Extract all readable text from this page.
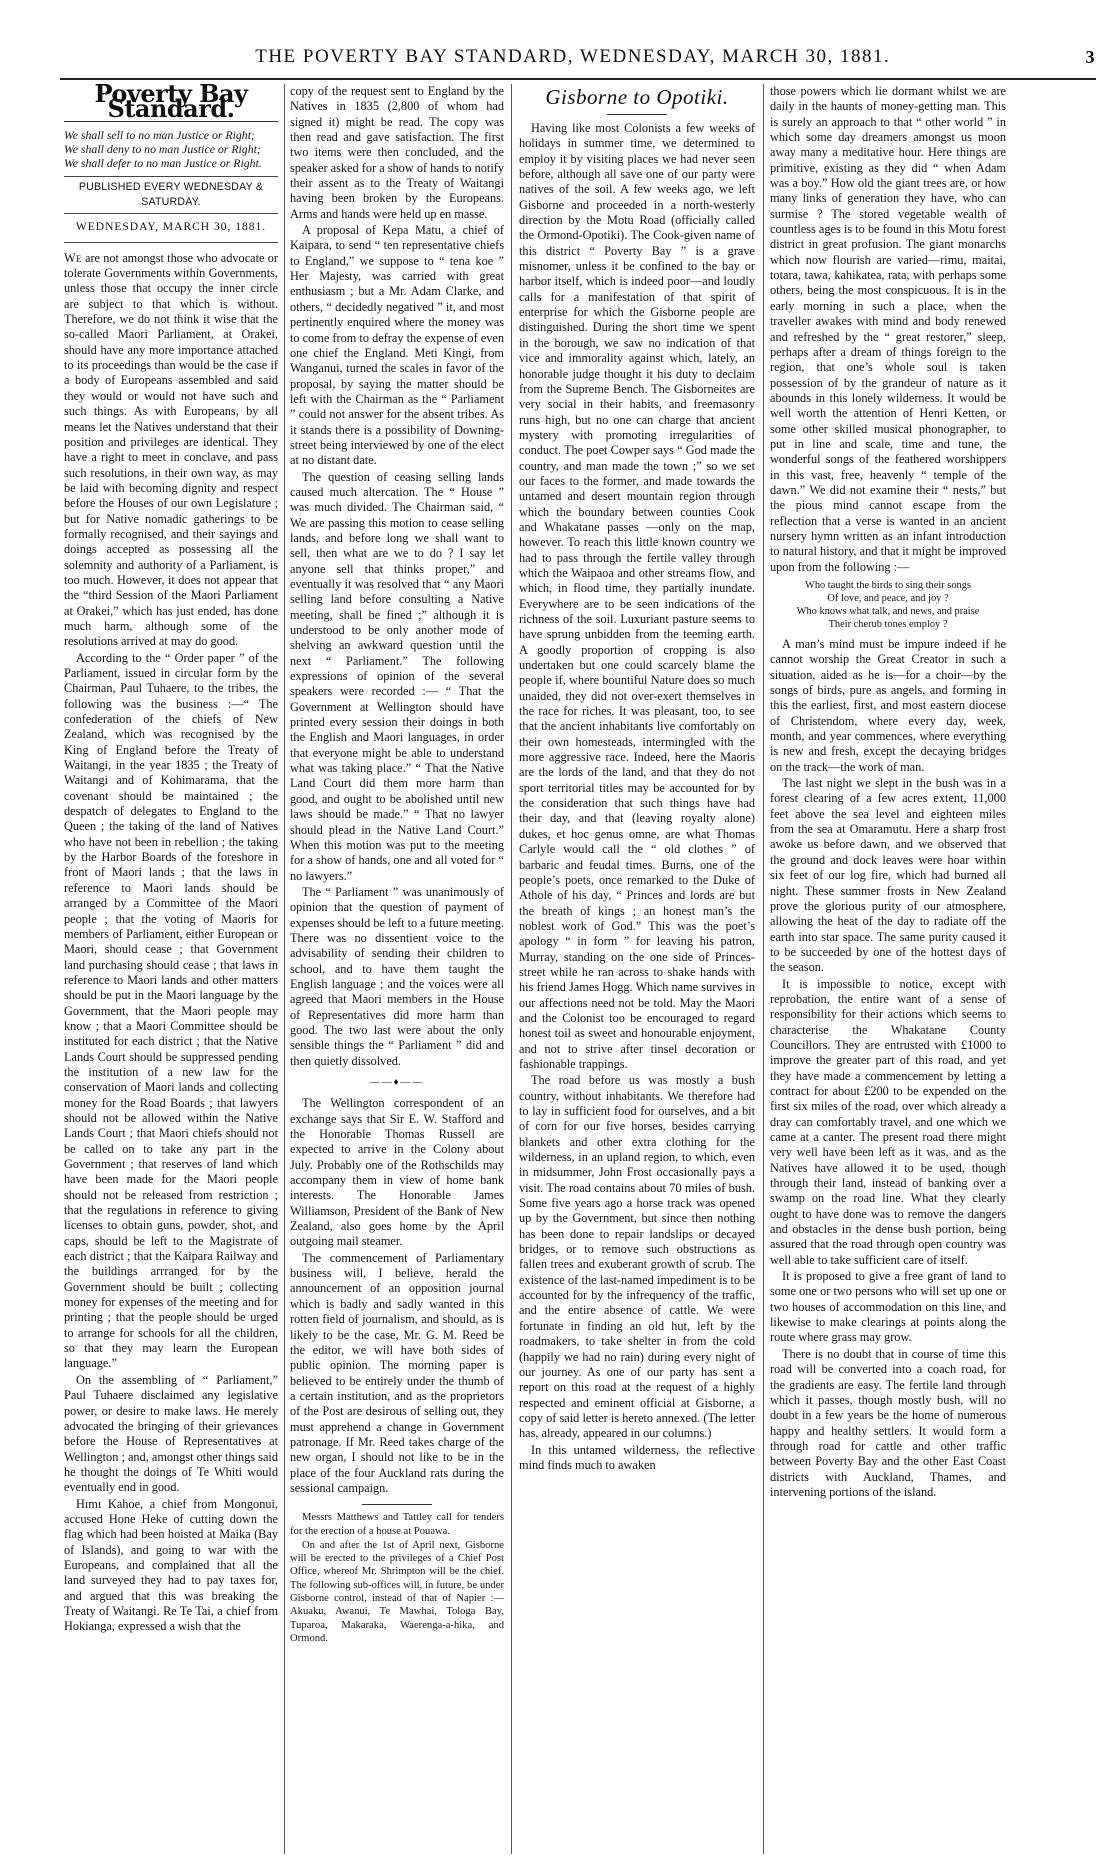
THE POVERTY BAY STANDARD, WEDNESDAY, MARCH 30, 1881.	3
Poverty Bay Standard.
We shall sell to no man Justice or Right;
We shall deny to no man Justice or Right;
We shall defer to no man Justice or Right.
PUBLISHED EVERY WEDNESDAY & SATURDAY.
WEDNESDAY, MARCH 30, 1881.

We are not amongst those who advocate or tolerate Governments within Governments, unless those that occupy the inner circle are subject to that which is without. Therefore, we do not think it wise that the so-called Maori Parliament, at Orakei, should have any more importance attached to its proceedings than would be the case if a body of Europeans assembled and said they would or would not have such and such things. As with Europeans, by all means let the Natives understand that their position and privileges are identical. They have a right to meet in conclave, and pass such resolutions, in their own way, as may be laid with becoming dignity and respect before the Houses of our own Legislature ; but for Native nomadic gatherings to be formally recognised, and their sayings and doings accepted as possessing all the solemnity and authority of a Parliament, is too much. However, it does not appear that the “third Session of the Maori Parliament at Orakei,” which has just ended, has done much harm, although some of the resolutions arrived at may do good.

According to the “ Order paper ” of the Parliament, issued in circular form by the Chairman, Paul Tuhaere, to the tribes, the following was the business :—“ The confederation of the chiefs of New Zealand, which was recognised by the King of England before the Treaty of Waitangi, in the year 1835 ; the Treaty of Waitangi and of Kohimarama, that the covenant should be maintained ; the despatch of delegates to England to the Queen ; the taking of the land of Natives who have not been in rebellion ; the taking by the Harbor Boards of the foreshore in front of Maori lands ; that the laws in reference to Maori lands should be arranged by a Committee of the Maori people ; that the voting of Maoris for members of Parliament, either European or Maori, should cease ; that Government land purchasing should cease ; that laws in reference to Maori lands and other matters should be put in the Maori language by the Government, that the Maori people may know ; that a Maori Committee should be instituted for each district ; that the Native Lands Court should be suppressed pending the institution of a new law for the conservation of Maori lands and collecting money for the Road Boards ; that lawyers should not be allowed within the Native Lands Court ; that Maori chiefs should not be called on to take any part in the Government ; that reserves of land which have been made for the Maori people should not be released from restriction ; that the regulations in reference to giving licenses to obtain guns, powder, shot, and caps, should be left to the Magistrate of each district ; that the Kaipara Railway and the buildings arrranged for by the Government should be built ; collecting money for expenses of the meeting and for printing ; that the people should be urged to arrange for schools for all the children, so that they may learn the European language.”

On the assembling of “ Parliament,” Paul Tuhaere disclaimed any legislative power, or desire to make laws. He merely advocated the bringing of their grievances before the House of Representatives at Wellington ; and, amongst other things said he thought the doings of Te Whiti would eventually end in good.

Hımı Kahoe, a chief from Mongonui, accused Hone Heke of cutting down the flag which had been hoisted at Maika (Bay of Islands), and going to war with the Europeans, and complained that all the land surveyed they had to pay taxes for, and argued that this was breaking the Treaty of Waitangi. Re Te Tai, a chief from Hokianga, expressed a wish that the

copy of the request sent to England by the Natives in 1835 (2,800 of whom had signed it) might be read. The copy was then read and gave satisfaction. The first two items were then concluded, and the speaker asked for a show of hands to notify their assent as to the Treaty of Waitangi having been broken by the Europeans. Arms and hands were held up en masse.

A proposal of Kepa Matu, a chief of Kaipara, to send “ ten representative chiefs to England,” we suppose to “ tena koe ” Her Majesty, was carried with great enthusiasm ; but a Mr. Adam Clarke, and others, “ decidedly negatived ” it, and most pertinently enquired where the money was to come from to defray the expense of even one chief the England. Meti Kingi, from Wanganui, turned the scales in favor of the proposal, by saying the matter should be left with the Chairman as the “ Parliament ” could not answer for the absent tribes. As it stands there is a possibility of Downing-street being interviewed by one of the elect at no distant date.

The question of ceasing selling lands caused much altercation. The “ House ” was much divided. The Chairman said, “ We are passing this motion to cease selling lands, and before long we shall want to sell, then what are we to do ? I say let anyone sell that thinks proper,” and eventually it was resolved that “ any Maori selling land before consulting a Native meeting, shall be fined ;” although it is understood to be only another mode of shelving an awkward question until the next “ Parliament.” The following expressions of opinion of the several speakers were recorded :— “ That the Government at Wellington should have printed every session their doings in both the English and Maori languages, in order that everyone might be able to understand what was taking place.” “ That the Native Land Court did them more harm than good, and ought to be abolished until new laws should be made.” “ That no lawyer should plead in the Native Land Court.” When this motion was put to the meeting for a show of hands, one and all voted for “ no lawyers.”

The “ Parliament ” was unanimously of opinion that the question of payment of expenses should be left to a future meeting. There was no dissentient voice to the advisability of sending their children to school, and to have them taught the English language ; and the voices were all agreed that Maori members in the House of Representatives did more harm than good. The two last were about the only sensible things the “ Parliament ” did and then quietly dissolved.

——♦——

The Wellington correspondent of an exchange says that Sir E. W. Stafford and the Honorable Thomas Russell are expected to arrive in the Colony about July. Probably one of the Rothschilds may accompany them in view of home bank interests. The Honorable James Williamson, President of the Bank of New Zealand, also goes home by the April outgoing mail steamer.

The commencement of Parliamentary business will, I believe, herald the announcement of an opposition journal which is badly and sadly wanted in this rotten field of journalism, and should, as is likely to be the case, Mr. G. M. Reed be the editor, we will have both sides of public opinion. The morning paper is believed to be entirely under the thumb of a certain institution, and as the proprietors of the Post are desirous of selling out, they must apprehend a change in Government patronage. If Mr. Reed takes charge of the new organ, I should not like to be in the place of the four Auckland rats during the sessional campaign.

Messrs Matthews and Tattley call for tenders for the erection of a house at Pouawa.

On and after the 1st of April next, Gisborne will be erected to the privileges of a Chief Post Office, whereof Mr. Shrimpton will be the chief. The following sub-offices will, in future, be under Gisborne control, instead of that of Napier :—Akuaku, Awanui, Te Mawhai, Tologa Bay, Tuparoa, Makaraka, Waerenga-a-hika, and Ormond.

Gisborne to Opotiki.

Having like most Colonists a few weeks of holidays in summer time, we determined to employ it by visiting places we had never seen before, although all save one of our party were natives of the soil. A few weeks ago, we left Gisborne and proceeded in a north-westerly direction by the Motu Road (officially called the Ormond-Opotiki). The Cook-given name of this district “ Poverty Bay ” is a grave misnomer, unless it be confined to the bay or harbor itself, which is indeed poor—and loudly calls for a manifestation of that spirit of enterprise for which the Gisborne people are distinguished. During the short time we spent in the borough, we saw no indication of that vice and immorality against which, lately, an honorable judge thought it his duty to declaim from the Supreme Bench. The Gisborneites are very social in their habits, and freemasonry runs high, but no one can charge that ancient mystery with promoting irregularities of conduct. The poet Cowper says “ God made the country, and man made the town ;” so we set our faces to the former, and made towards the untamed and desert mountain region through which the boundary between counties Cook and Whakatane passes —only on the map, however. To reach this little known country we had to pass through the fertile valley through which the Waipaoa and other streams flow, and which, in flood time, they partially inundate. Everywhere are to be seen indications of the richness of the soil. Luxuriant pasture seems to have sprung unbidden from the teeming earth. A goodly proportion of cropping is also undertaken but one could scarcely blame the people if, where bountiful Nature does so much unaided, they did not over-exert themselves in the race for riches. It was pleasant, too, to see that the ancient inhabitants live comfortably on their own homesteads, intermingled with the more aggressive race. Indeed, here the Maoris are the lords of the land, and that they do not sport territorial titles may be accounted for by the consideration that such things have had their day, and that (leaving royalty alone) dukes, et hoc genus omne, are what Thomas Carlyle would call the “ old clothes ” of barbaric and feudal times. Burns, one of the people’s poets, once remarked to the Duke of Athole of his day, “ Princes and lords are but the breath of kings ; an honest man’s the noblest work of God.” This was the poet’s apology “ in form ” for leaving his patron, Murray, standing on the one side of Princes-street while he ran across to shake hands with his friend James Hogg. Which name survives in our affections need not be told. May the Maori and the Colonist too be encouraged to regard honest toil as sweet and honourable enjoyment, and not to strive after tinsel decoration or fashionable trappings.

The road before us was mostly a bush country, without inhabitants. We therefore had to lay in sufficient food for ourselves, and a bit of corn for our five horses, besides carrying blankets and other extra clothing for the wilderness, in an upland region, to which, even in midsummer, John Frost occasionally pays a visit. The road contains about 70 miles of bush. Some five years ago a horse track was opened up by the Government, but since then nothing has been done to repair landslips or decayed bridges, or to remove such obstructions as fallen trees and exuberant growth of scrub. The existence of the last-named impediment is to be accounted for by the infrequency of the traffic, and the entire absence of cattle. We were fortunate in finding an old hut, left by the roadmakers, to take shelter in from the cold (happily we had no rain) during every night of our journey. As one of our party has sent a report on this road at the request of a highly respected and eminent official at Gisborne, a copy of said letter is hereto annexed. (The letter has, already, appeared in our columns.)

In this untamed wilderness, the reflective mind finds much to awaken

those powers which lie dormant whilst we are daily in the haunts of money-getting man. This is surely an approach to that “ other world ” in which some day dreamers amongst us moon away many a meditative hour. Here things are primitive, existing as they did “ when Adam was a boy.” How old the giant trees are, or how many links of generation they have, who can surmise ? The stored vegetable wealth of countless ages is to be found in this Motu forest district in great profusion. The giant monarchs which now flourish are varied—rimu, maitai, totara, tawa, kahikatea, rata, with perhaps some others, being the most conspicuous. It is in the early morning in such a place, when the traveller awakes with mind and body renewed and refreshed by the “ great restorer,” sleep, perhaps after a dream of things foreign to the region, that one’s whole soul is taken possession of by the grandeur of nature as it abounds in this lonely wilderness. It would be well worth the attention of Henri Ketten, or some other skilled musical phonographer, to put in line and scale, time and tune, the wonderful songs of the feathered worshippers in this vast, free, heavenly “ temple of the dawn.” We did not examine their “ nests,” but the pious mind cannot escape from the reflection that a verse is wanted in an ancient nursery hymn written as an infant introduction to natural history, and that it might be improved upon from the following :—

Who taught the birds to sing their songs
Of love, and peace, and joy ?
Who knows what talk, and news, and praise
Their cherub tones employ ?

A man’s mind must be impure indeed if he cannot worship the Great Creator in such a situation, aided as he is—for a choir—by the songs of birds, pure as angels, and forming in this the earliest, first, and most eastern diocese of Christendom, where every day, week, month, and year commences, where everything is new and fresh, except the decaying bridges on the track—the work of man.

The last night we slept in the bush was in a forest clearing of a few acres extent, 11,000 feet above the sea level and eighteen miles from the sea at Omaramutu. Here a sharp frost awoke us before dawn, and we observed that the ground and dock leaves were hoar within six feet of our log fire, which had burned all night. These summer frosts in New Zealand prove the glorious purity of our atmosphere, allowing the heat of the day to radiate off the earth into star space. The same purity caused it to be succeeded by one of the hottest days of the season.

It is impossible to notice, except with reprobation, the entire want of a sense of responsibility for their actions which seems to characterise the Whakatane County Councillors. They are entrusted with £1000 to improve the greater part of this road, and yet they have made a commencement by letting a contract for about £200 to be expended on the first six miles of the road, over which already a dray can comfortably travel, and one which we came at a canter. The present road there might very well have been left as it was, and as the Natives have allowed it to be used, though through their land, instead of banking over a swamp on the road line. What they clearly ought to have done was to remove the dangers and obstacles in the dense bush portion, being assured that the road through open country was well able to take sufficient care of itself.

It is proposed to give a free grant of land to some one or two persons who will set up one or two houses of accommodation on this line, and likewise to make clearings at points along the route where grass may grow.

There is no doubt that in course of time this road will be converted into a coach road, for the gradients are easy. The fertile land through which it passes, though mostly bush, will no doubt in a few years be the home of numerous happy and healthy settlers. It would form a through road for cattle and other traffic between Poverty Bay and the other East Coast districts with Auckland, Thames, and intervening portions of the island.
